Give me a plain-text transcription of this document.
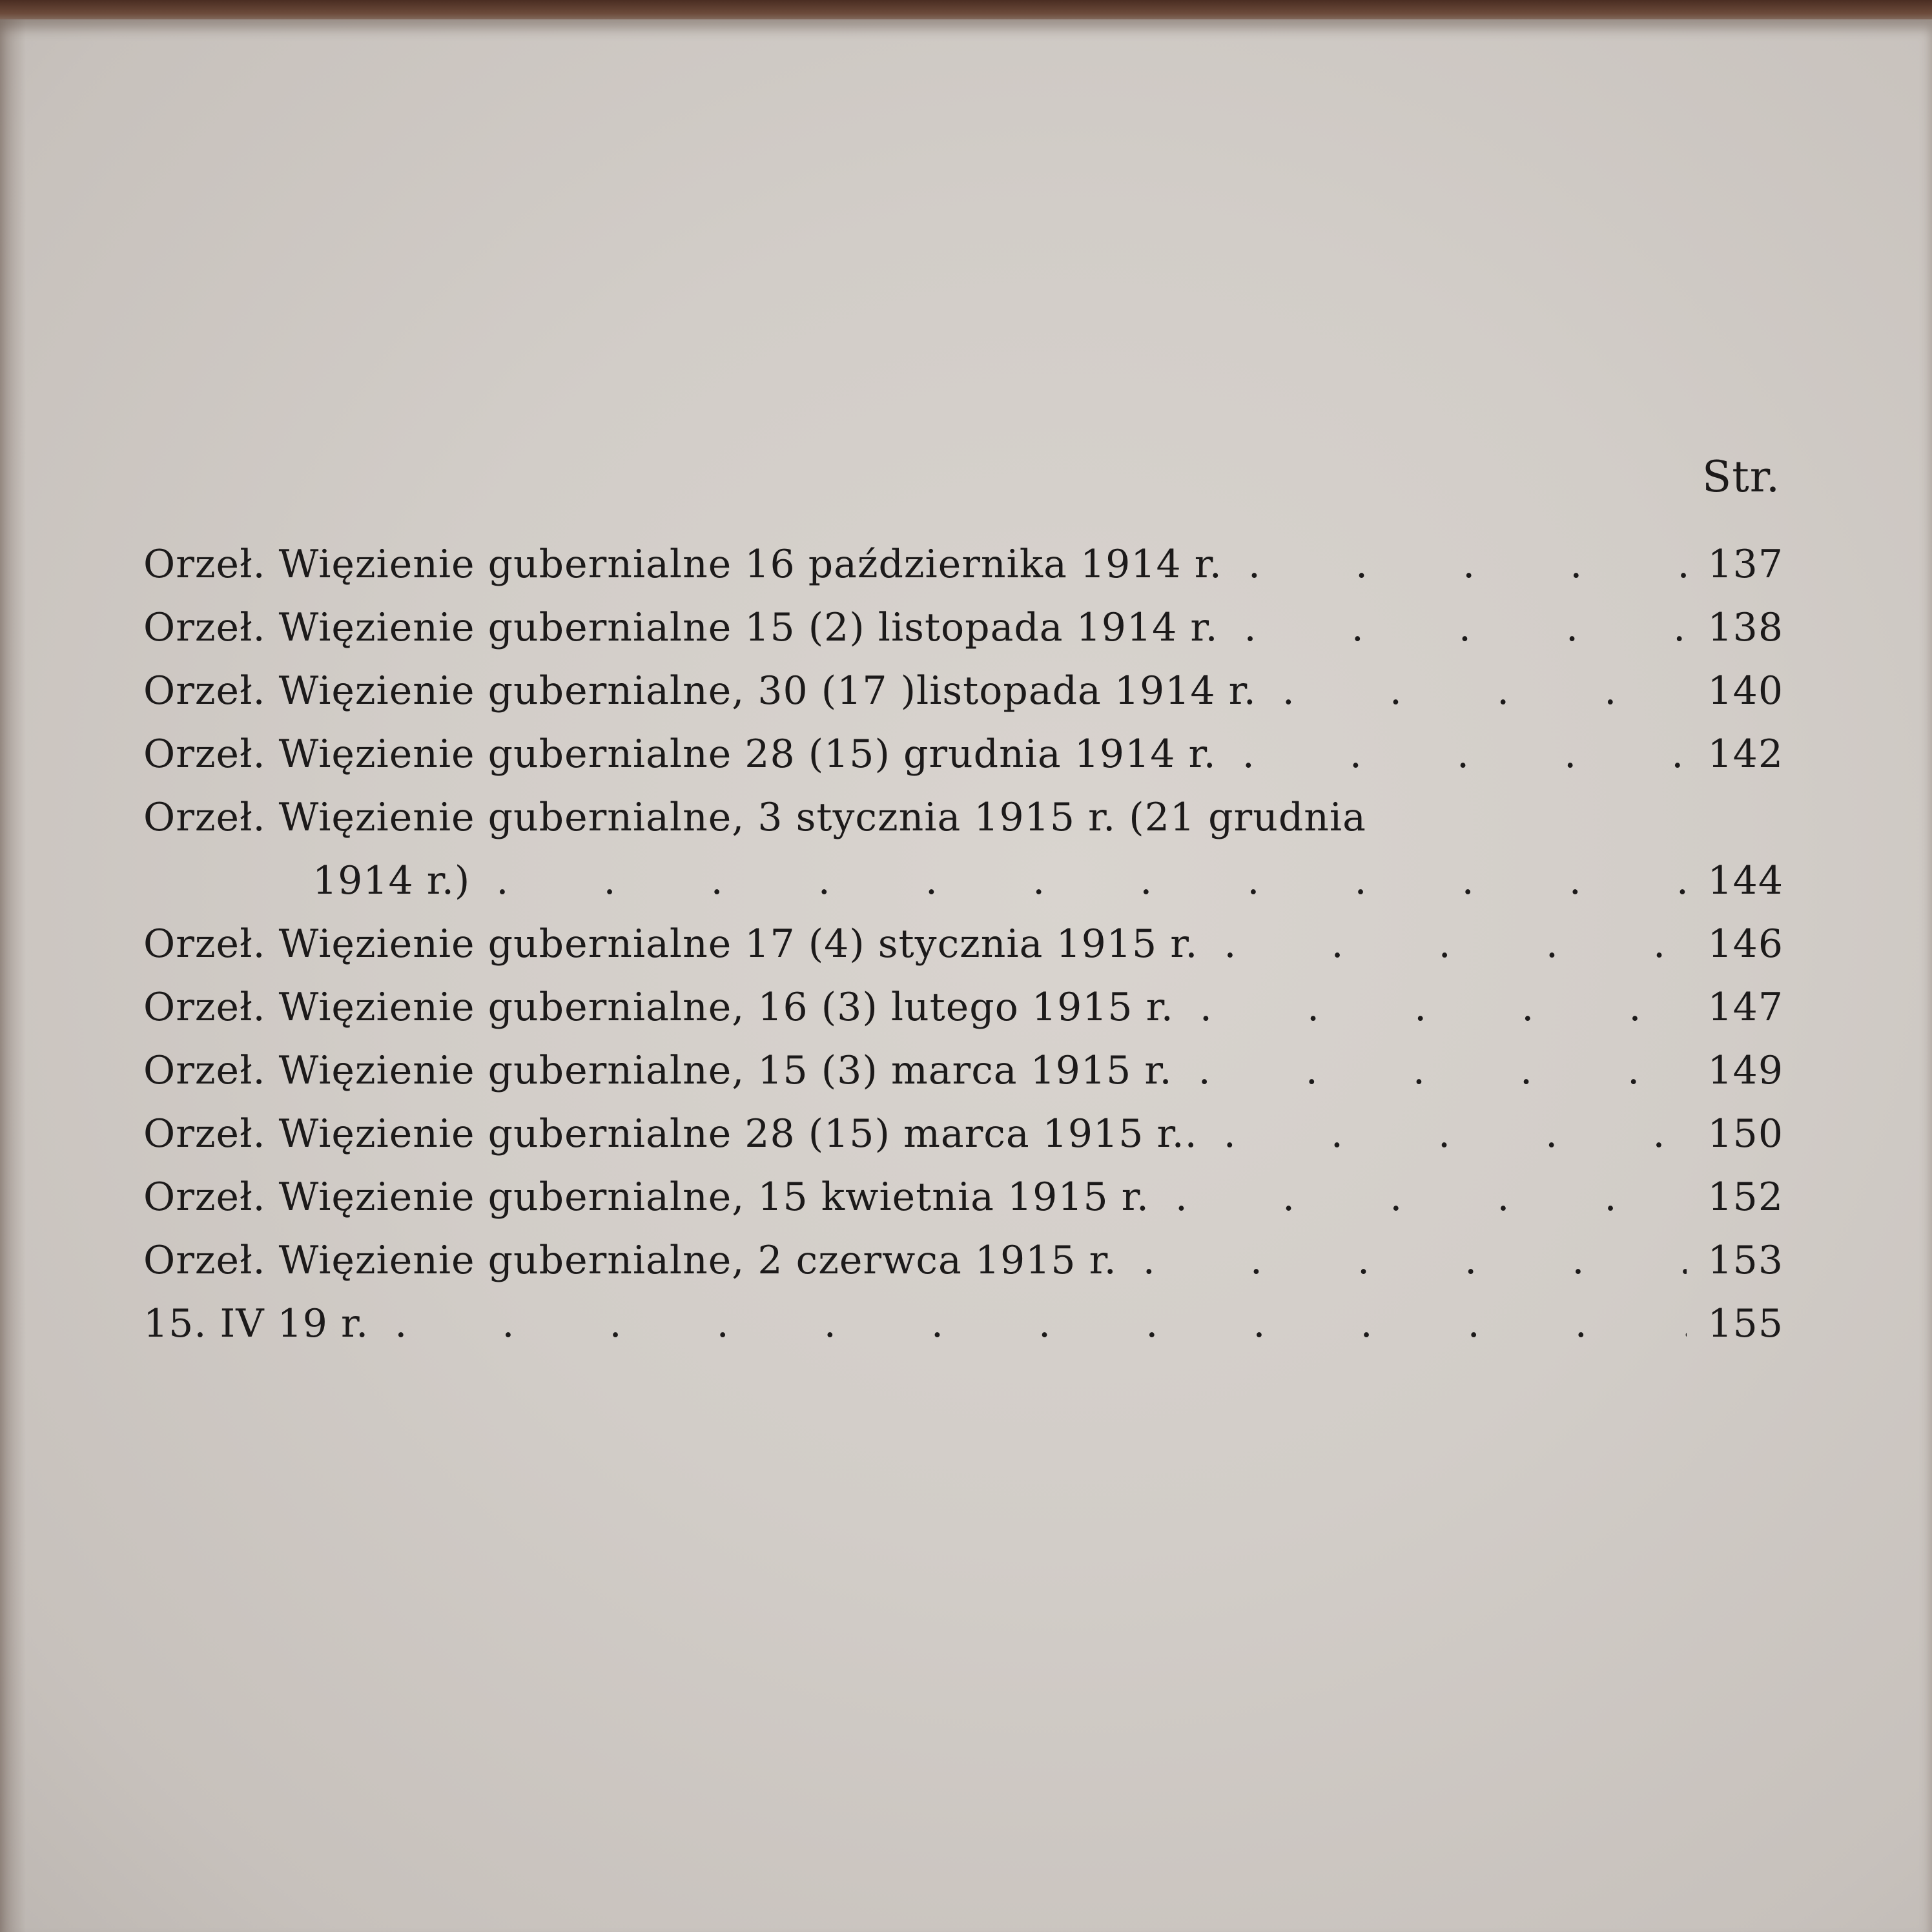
Str.
Orzeł. Więzienie gubernialne 16 października 1914 r. . . .	137
Orzeł. Więzienie gubernialne 15 (2) listopada 1914 r. . . .	138
Orzeł. Więzienie gubernialne, 30 (17 )listopada 1914 r. . . .	140
Orzeł. Więzienie gubernialne 28 (15) grudnia 1914 r. . . .	142
Orzeł. Więzienie gubernialne, 3 stycznia 1915 r. (21 grudnia
1914 r.) . . .	144
Orzeł. Więzienie gubernialne 17 (4) stycznia 1915 r. . . .	146
Orzeł. Więzienie gubernialne, 16 (3) lutego 1915 r. . . .	147
Orzeł. Więzienie gubernialne, 15 (3) marca 1915 r. . . .	149
Orzeł. Więzienie gubernialne 28 (15) marca 1915 r.. . . .	150
Orzeł. Więzienie gubernialne, 15 kwietnia 1915 r. . . .	152
Orzeł. Więzienie gubernialne, 2 czerwca 1915 r. . . .	153
15. IV 19 r. . . .	155
